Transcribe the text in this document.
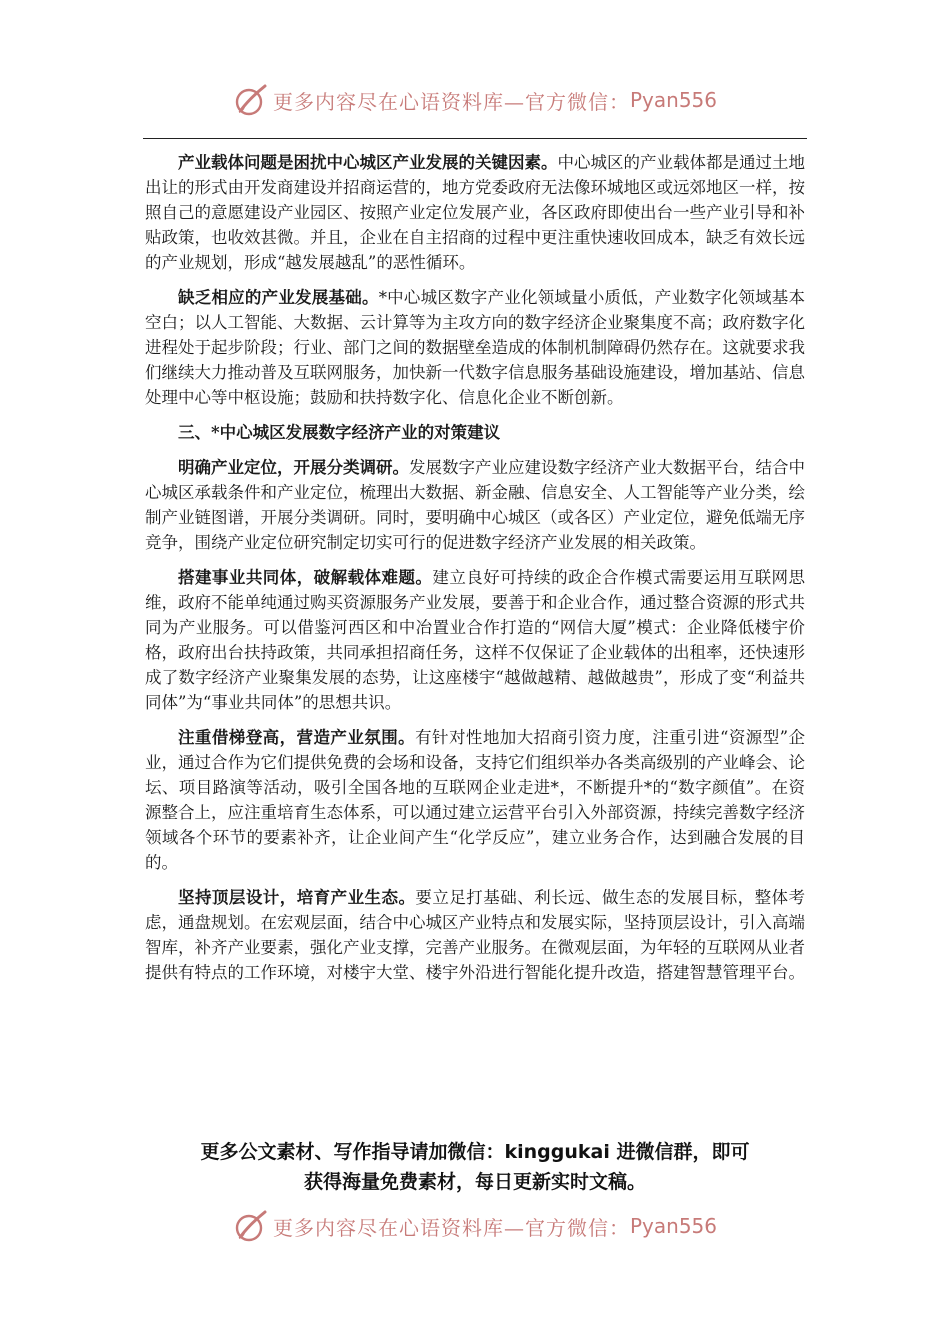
更多内容尽在心语资料库—官方微信： Pyan556

产业载体问题是困扰中心城区产业发展的关键因素。中心城区的产业载体都是通过土地出让的形式由开发商建设并招商运营的，地方党委政府无法像环城地区或远郊地区一样，按照自己的意愿建设产业园区、按照产业定位发展产业，各区政府即使出台一些产业引导和补贴政策，也收效甚微。并且，企业在自主招商的过程中更注重快速收回成本，缺乏有效长远的产业规划，形成“越发展越乱”的恶性循环。

缺乏相应的产业发展基础。*中心城区数字产业化领域量小质低，产业数字化领域基本空白；以人工智能、大数据、云计算等为主攻方向的数字经济企业聚集度不高；政府数字化进程处于起步阶段；行业、部门之间的数据壁垒造成的体制机制障碍仍然存在。这就要求我们继续大力推动普及互联网服务，加快新一代数字信息服务基础设施建设，增加基站、信息处理中心等中枢设施；鼓励和扶持数字化、信息化企业不断创新。

三、*中心城区发展数字经济产业的对策建议

明确产业定位，开展分类调研。发展数字产业应建设数字经济产业大数据平台，结合中心城区承载条件和产业定位，梳理出大数据、新金融、信息安全、人工智能等产业分类，绘制产业链图谱，开展分类调研。同时，要明确中心城区（或各区）产业定位，避免低端无序竞争，围绕产业定位研究制定切实可行的促进数字经济产业发展的相关政策。

搭建事业共同体，破解载体难题。建立良好可持续的政企合作模式需要运用互联网思维，政府不能单纯通过购买资源服务产业发展，要善于和企业合作，通过整合资源的形式共同为产业服务。可以借鉴河西区和中冶置业合作打造的“网信大厦”模式：企业降低楼宇价格，政府出台扶持政策，共同承担招商任务，这样不仅保证了企业载体的出租率，还快速形成了数字经济产业聚集发展的态势，让这座楼宇“越做越精、越做越贵”，形成了变“利益共同体”为“事业共同体”的思想共识。

注重借梯登高，营造产业氛围。有针对性地加大招商引资力度，注重引进“资源型”企业，通过合作为它们提供免费的会场和设备，支持它们组织举办各类高级别的产业峰会、论坛、项目路演等活动，吸引全国各地的互联网企业走进*，不断提升*的“数字颜值”。在资源整合上，应注重培育生态体系，可以通过建立运营平台引入外部资源，持续完善数字经济领域各个环节的要素补齐，让企业间产生“化学反应”，建立业务合作，达到融合发展的目的。

坚持顶层设计，培育产业生态。要立足打基础、利长远、做生态的发展目标，整体考虑，通盘规划。在宏观层面，结合中心城区产业特点和发展实际，坚持顶层设计，引入高端智库，补齐产业要素，强化产业支撑，完善产业服务。在微观层面，为年轻的互联网从业者提供有特点的工作环境，对楼宇大堂、楼宇外沿进行智能化提升改造，搭建智慧管理平台。

更多公文素材、写作指导请加微信：kinggukai 进微信群，即可
获得海量免费素材，每日更新实时文稿。
更多内容尽在心语资料库—官方微信： Pyan556
